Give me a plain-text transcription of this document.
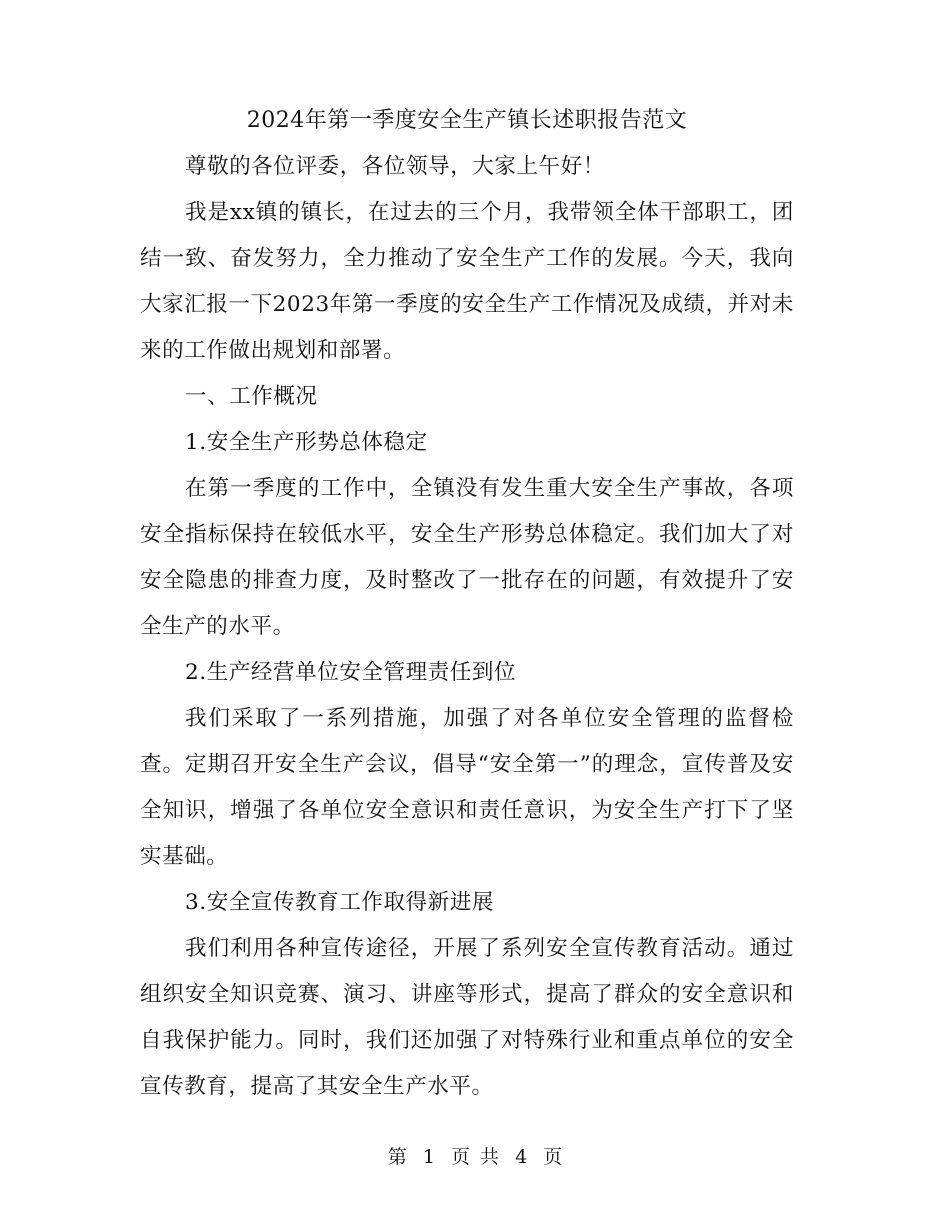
2024年第一季度安全生产镇长述职报告范文

尊敬的各位评委，各位领导，大家上午好！

我是xx镇的镇长，在过去的三个月，我带领全体干部职工，团结一致、奋发努力，全力推动了安全生产工作的发展。今天，我向大家汇报一下2023年第一季度的安全生产工作情况及成绩，并对未来的工作做出规划和部署。

一、工作概况

1.安全生产形势总体稳定

在第一季度的工作中，全镇没有发生重大安全生产事故，各项安全指标保持在较低水平，安全生产形势总体稳定。我们加大了对安全隐患的排查力度，及时整改了一批存在的问题，有效提升了安全生产的水平。

2.生产经营单位安全管理责任到位

我们采取了一系列措施，加强了对各单位安全管理的监督检查。定期召开安全生产会议，倡导“安全第一”的理念，宣传普及安全知识，增强了各单位安全意识和责任意识，为安全生产打下了坚实基础。

3.安全宣传教育工作取得新进展

我们利用各种宣传途径，开展了系列安全宣传教育活动。通过组织安全知识竞赛、演习、讲座等形式，提高了群众的安全意识和自我保护能力。同时，我们还加强了对特殊行业和重点单位的安全宣传教育，提高了其安全生产水平。

第 1 页 共 4 页
